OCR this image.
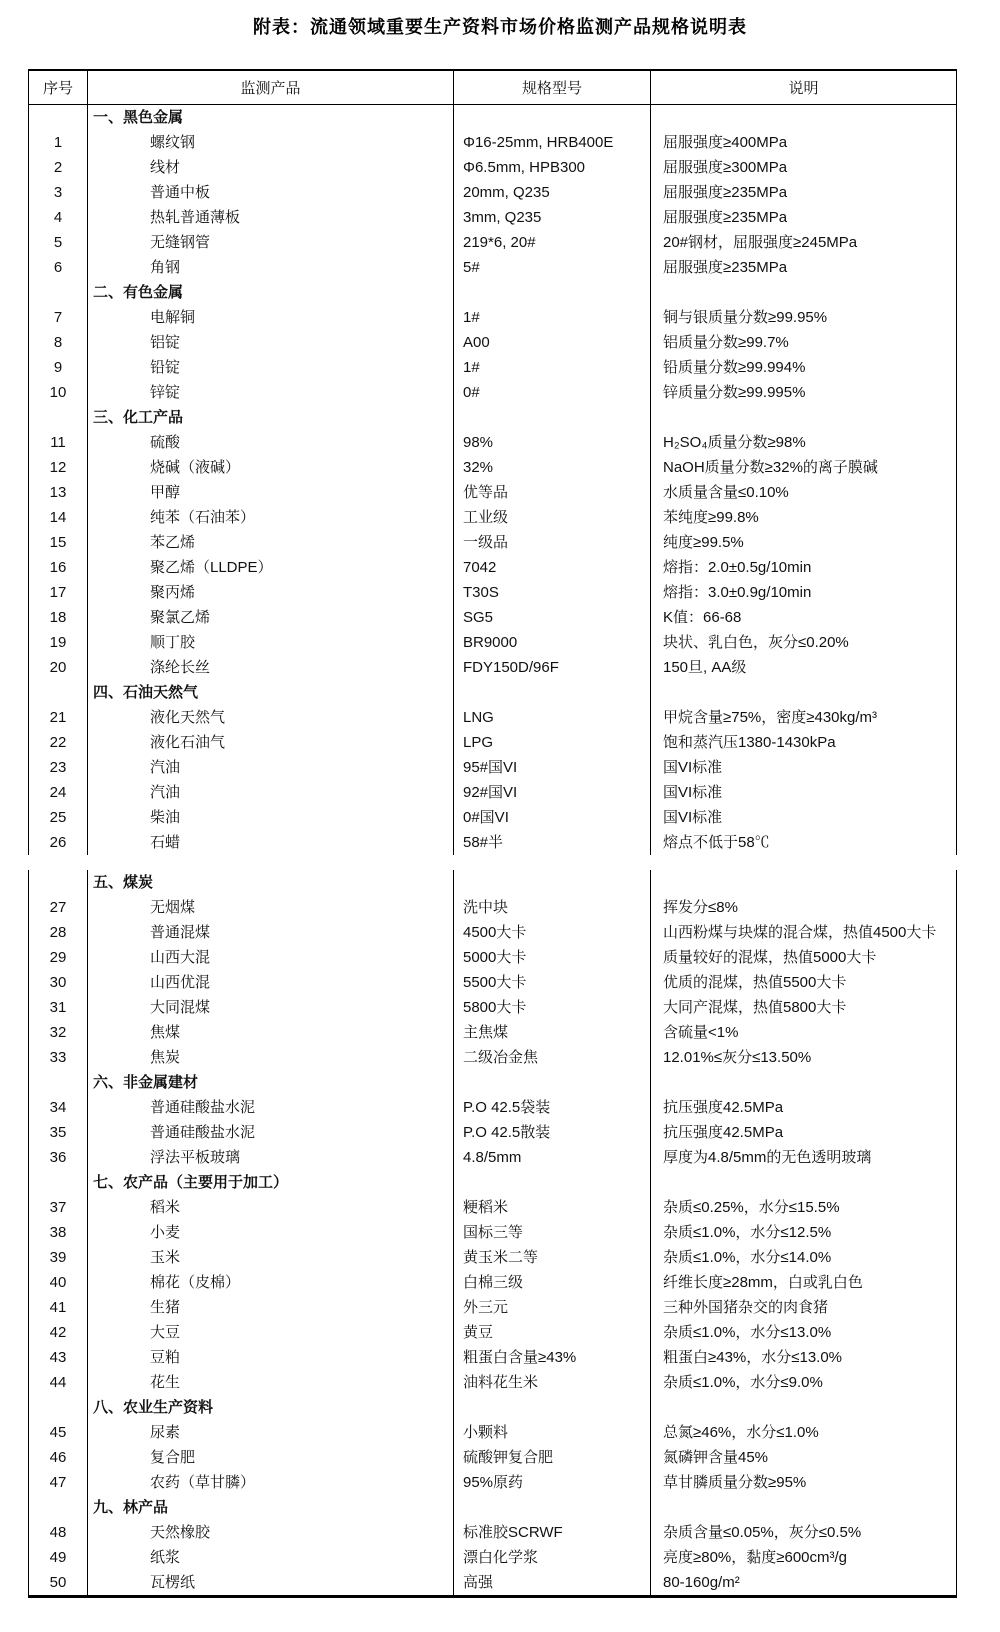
附表：流通领域重要生产资料市场价格监测产品规格说明表
序号	监测产品	规格型号	说明
	一、黑色金属		
1	螺纹钢	Φ16-25mm, HRB400E	屈服强度≥400MPa
2	线材	Φ6.5mm, HPB300	屈服强度≥300MPa
3	普通中板	20mm, Q235	屈服强度≥235MPa
4	热轧普通薄板	3mm, Q235	屈服强度≥235MPa
5	无缝钢管	219*6, 20#	20#钢材，屈服强度≥245MPa
6	角钢	5#	屈服强度≥235MPa
	二、有色金属		
7	电解铜	1#	铜与银质量分数≥99.95%
8	铝锭	A00	铝质量分数≥99.7%
9	铅锭	1#	铅质量分数≥99.994%
10	锌锭	0#	锌质量分数≥99.995%
	三、化工产品		
11	硫酸	98%	H₂SO₄质量分数≥98%
12	烧碱（液碱）	32%	NaOH质量分数≥32%的离子膜碱
13	甲醇	优等品	水质量含量≤0.10%
14	纯苯（石油苯）	工业级	苯纯度≥99.8%
15	苯乙烯	一级品	纯度≥99.5%
16	聚乙烯（LLDPE）	7042	熔指：2.0±0.5g/10min
17	聚丙烯	T30S	熔指：3.0±0.9g/10min
18	聚氯乙烯	SG5	K值：66-68
19	顺丁胶	BR9000	块状、乳白色，灰分≤0.20%
20	涤纶长丝	FDY150D/96F	150旦, AA级
	四、石油天然气		
21	液化天然气	LNG	甲烷含量≥75%，密度≥430kg/m³
22	液化石油气	LPG	饱和蒸汽压1380-1430kPa
23	汽油	95#国VI	国VI标准
24	汽油	92#国VI	国VI标准
25	柴油	0#国VI	国VI标准
26	石蜡	58#半	熔点不低于58℃
	五、煤炭		
27	无烟煤	洗中块	挥发分≤8%
28	普通混煤	4500大卡	山西粉煤与块煤的混合煤，热值4500大卡
29	山西大混	5000大卡	质量较好的混煤，热值5000大卡
30	山西优混	5500大卡	优质的混煤，热值5500大卡
31	大同混煤	5800大卡	大同产混煤，热值5800大卡
32	焦煤	主焦煤	含硫量<1%
33	焦炭	二级冶金焦	12.01%≤灰分≤13.50%
	六、非金属建材		
34	普通硅酸盐水泥	P.O 42.5袋装	抗压强度42.5MPa
35	普通硅酸盐水泥	P.O 42.5散装	抗压强度42.5MPa
36	浮法平板玻璃	4.8/5mm	厚度为4.8/5mm的无色透明玻璃
	七、农产品（主要用于加工）		
37	稻米	粳稻米	杂质≤0.25%，水分≤15.5%
38	小麦	国标三等	杂质≤1.0%，水分≤12.5%
39	玉米	黄玉米二等	杂质≤1.0%，水分≤14.0%
40	棉花（皮棉）	白棉三级	纤维长度≥28mm，白或乳白色
41	生猪	外三元	三种外国猪杂交的肉食猪
42	大豆	黄豆	杂质≤1.0%，水分≤13.0%
43	豆粕	粗蛋白含量≥43%	粗蛋白≥43%，水分≤13.0%
44	花生	油料花生米	杂质≤1.0%，水分≤9.0%
	八、农业生产资料		
45	尿素	小颗料	总氮≥46%，水分≤1.0%
46	复合肥	硫酸钾复合肥	氮磷钾含量45%
47	农药（草甘膦）	95%原药	草甘膦质量分数≥95%
	九、林产品		
48	天然橡胶	标准胶SCRWF	杂质含量≤0.05%，灰分≤0.5%
49	纸浆	漂白化学浆	亮度≥80%，黏度≥600cm³/g
50	瓦楞纸	高强	80-160g/m²
